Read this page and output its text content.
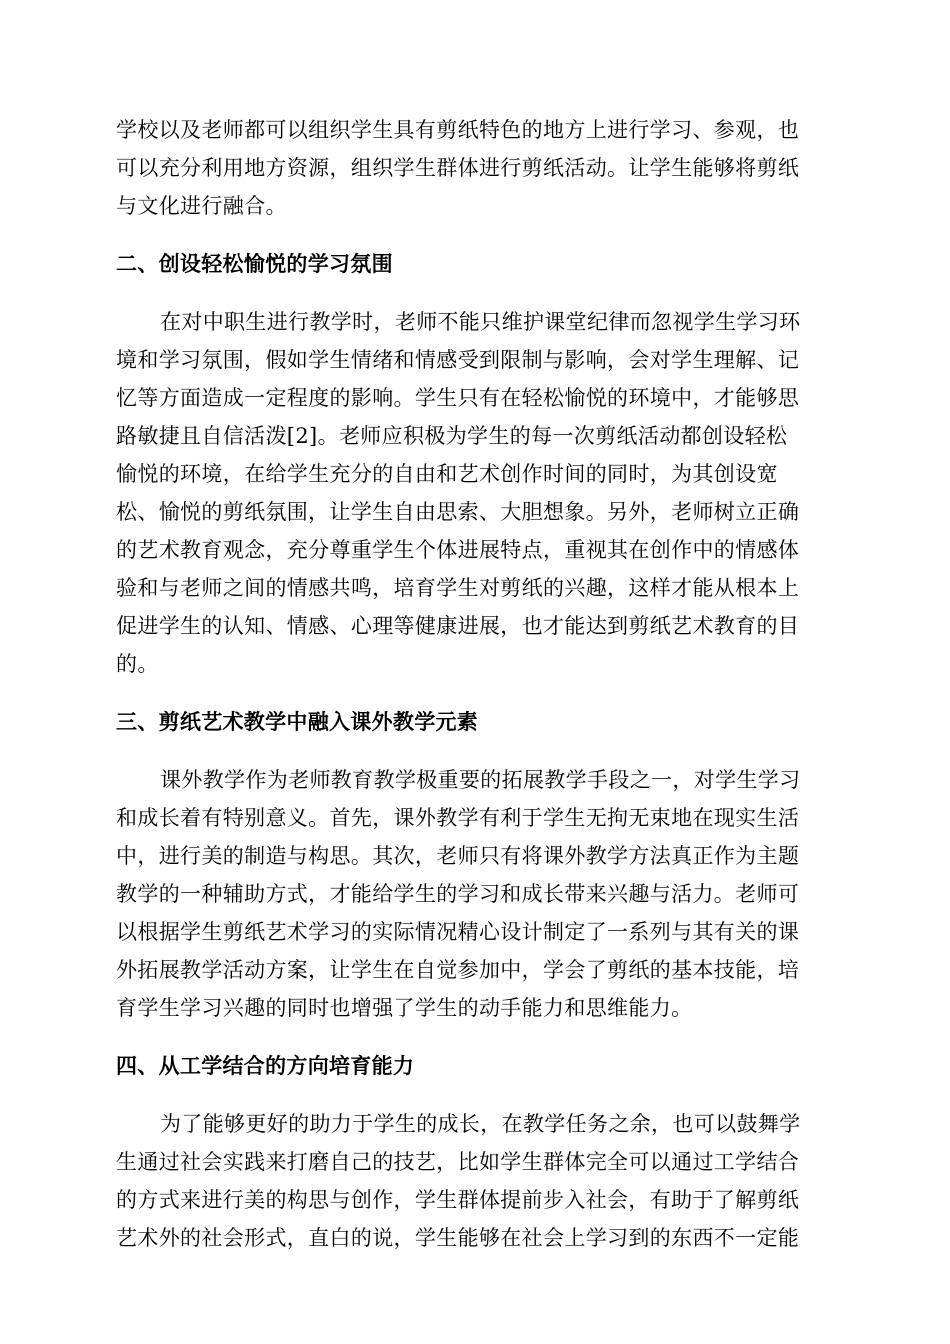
学校以及老师都可以组织学生具有剪纸特色的地方上进行学习、参观，也
可以充分利用地方资源，组织学生群体进行剪纸活动。让学生能够将剪纸
与文化进行融合。
二、创设轻松愉悦的学习氛围
在对中职生进行教学时，老师不能只维护课堂纪律而忽视学生学习环
境和学习氛围，假如学生情绪和情感受到限制与影响，会对学生理解、记
忆等方面造成一定程度的影响。学生只有在轻松愉悦的环境中，才能够思
路敏捷且自信活泼[2]。老师应积极为学生的每一次剪纸活动都创设轻松
愉悦的环境，在给学生充分的自由和艺术创作时间的同时，为其创设宽
松、愉悦的剪纸氛围，让学生自由思索、大胆想象。另外，老师树立正确
的艺术教育观念，充分尊重学生个体进展特点，重视其在创作中的情感体
验和与老师之间的情感共鸣，培育学生对剪纸的兴趣，这样才能从根本上
促进学生的认知、情感、心理等健康进展，也才能达到剪纸艺术教育的目
的。
三、剪纸艺术教学中融入课外教学元素
课外教学作为老师教育教学极重要的拓展教学手段之一，对学生学习
和成长着有特别意义。首先，课外教学有利于学生无拘无束地在现实生活
中，进行美的制造与构思。其次，老师只有将课外教学方法真正作为主题
教学的一种辅助方式，才能给学生的学习和成长带来兴趣与活力。老师可
以根据学生剪纸艺术学习的实际情况精心设计制定了一系列与其有关的课
外拓展教学活动方案，让学生在自觉参加中，学会了剪纸的基本技能，培
育学生学习兴趣的同时也增强了学生的动手能力和思维能力。
四、从工学结合的方向培育能力
为了能够更好的助力于学生的成长，在教学任务之余，也可以鼓舞学
生通过社会实践来打磨自己的技艺，比如学生群体完全可以通过工学结合
的方式来进行美的构思与创作，学生群体提前步入社会，有助于了解剪纸
艺术外的社会形式，直白的说，学生能够在社会上学习到的东西不一定能
